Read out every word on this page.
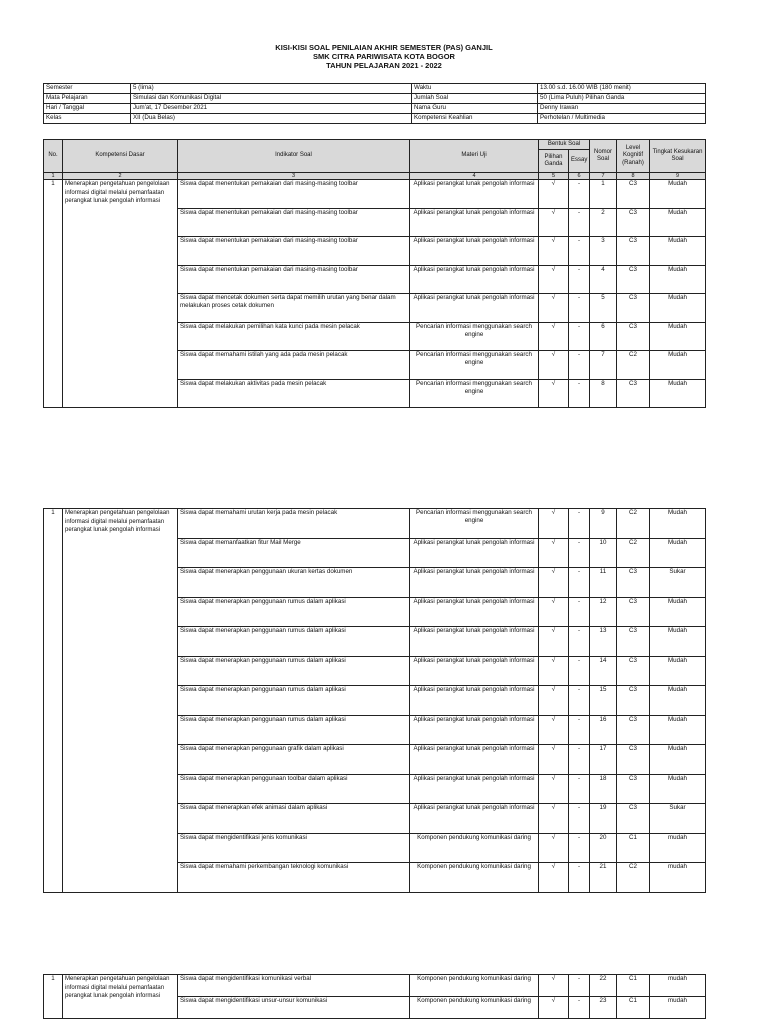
KISI-KISI SOAL PENILAIAN AKHIR SEMESTER (PAS) GANJIL
SMK CITRA PARIWISATA KOTA BOGOR
TAHUN PELAJARAN 2021 - 2022
Semester	5 (lima)	Waktu	13.00 s.d. 16.00 WIB (180 menit)
Mata Pelajaran	Simulasi dan Komunikasi Digital	Jumlah Soal	50 (Lima Puluh) Pilihan Ganda
Hari / Tanggal	Jum'at, 17 Desember 2021	Nama Guru	Denny Irawan
Kelas	XII (Dua Belas)	Kompetensi Keahlian	Perhotelan / Multimedia
No.	Kompetensi Dasar	Indikator Soal	Materi Uji	Bentuk Soal		Nomor Soal	Level Kognitif (Ranah)	Tingkat Kesukaran Soal
				Pilihan Ganda	Essay			
1	2	3	4	5	6	7	8	9
1	Menerapkan pengetahuan pengelolaan informasi digital melalui pemanfaatan perangkat lunak pengolah informasi	Siswa dapat menentukan pemakaian dari masing-masing toolbar	Aplikasi perangkat lunak pengolah informasi	√	-	1	C3	Mudah
		Siswa dapat menentukan pemakaian dari masing-masing toolbar	Aplikasi perangkat lunak pengolah informasi	√	-	2	C3	Mudah
		Siswa dapat menentukan pemakaian dari masing-masing toolbar	Aplikasi perangkat lunak pengolah informasi	√	-	3	C3	Mudah
		Siswa dapat menentukan pemakaian dari masing-masing toolbar	Aplikasi perangkat lunak pengolah informasi	√	-	4	C3	Mudah
		Siswa dapat mencetak dokumen serta dapat memilih urutan yang benar dalam melakukan proses cetak dokumen	Aplikasi perangkat lunak pengolah informasi	√	-	5	C3	Mudah
		Siswa dapat melakukan pemilihan kata kunci pada mesin pelacak	Pencarian informasi menggunakan search engine	√	-	6	C3	Mudah
		Siswa dapat memahami istilah yang ada pada mesin pelacak	Pencarian informasi menggunakan search engine	√	-	7	C2	Mudah
		Siswa dapat melakukan aktivitas pada mesin pelacak	Pencarian informasi menggunakan search engine	√	-	8	C3	Mudah
1	Menerapkan pengetahuan pengelolaan informasi digital melalui pemanfaatan perangkat lunak pengolah informasi	Siswa dapat memahami urutan kerja pada mesin pelacak	Pencarian informasi menggunakan search engine	√	-	9	C2	Mudah
		Siswa dapat memanfaatkan fitur Mail Merge	Aplikasi perangkat lunak pengolah informasi	√	-	10	C2	Mudah
		Siswa dapat menerapkan penggunaan ukuran kertas dokumen	Aplikasi perangkat lunak pengolah informasi	√	-	11	C3	Sukar
		Siswa dapat menerapkan penggunaan rumus dalam aplikasi	Aplikasi perangkat lunak pengolah informasi	√	-	12	C3	Mudah
		Siswa dapat menerapkan penggunaan rumus dalam aplikasi	Aplikasi perangkat lunak pengolah informasi	√	-	13	C3	Mudah
		Siswa dapat menerapkan penggunaan rumus dalam aplikasi	Aplikasi perangkat lunak pengolah informasi	√	-	14	C3	Mudah
		Siswa dapat menerapkan penggunaan rumus dalam aplikasi	Aplikasi perangkat lunak pengolah informasi	√	-	15	C3	Mudah
		Siswa dapat menerapkan penggunaan rumus dalam aplikasi	Aplikasi perangkat lunak pengolah informasi	√	-	16	C3	Mudah
		Siswa dapat menerapkan penggunaan grafik dalam aplikasi	Aplikasi perangkat lunak pengolah informasi	√	-	17	C3	Mudah
		Siswa dapat menerapkan penggunaan toolbar dalam aplikasi	Aplikasi perangkat lunak pengolah informasi	√	-	18	C3	Mudah
		Siswa dapat menerapkan efek animasi dalam aplikasi	Aplikasi perangkat lunak pengolah informasi	√	-	19	C3	Sukar
		Siswa dapat mengidentifikasi jenis komunikasi	Komponen pendukung komunikasi daring	√	-	20	C1	mudah
		Siswa dapat memahami perkembangan teknologi komunikasi	Komponen pendukung komunikasi daring	√	-	21	C2	mudah
1	Menerapkan pengetahuan pengelolaan informasi digital melalui pemanfaatan perangkat lunak pengolah informasi	Siswa dapat mengidentifikasi komunikasi verbal	Komponen pendukung komunikasi daring	√	-	22	C1	mudah
		Siswa dapat mengidentifikasi unsur-unsur komunikasi	Komponen pendukung komunikasi daring	√	-	23	C1	mudah
